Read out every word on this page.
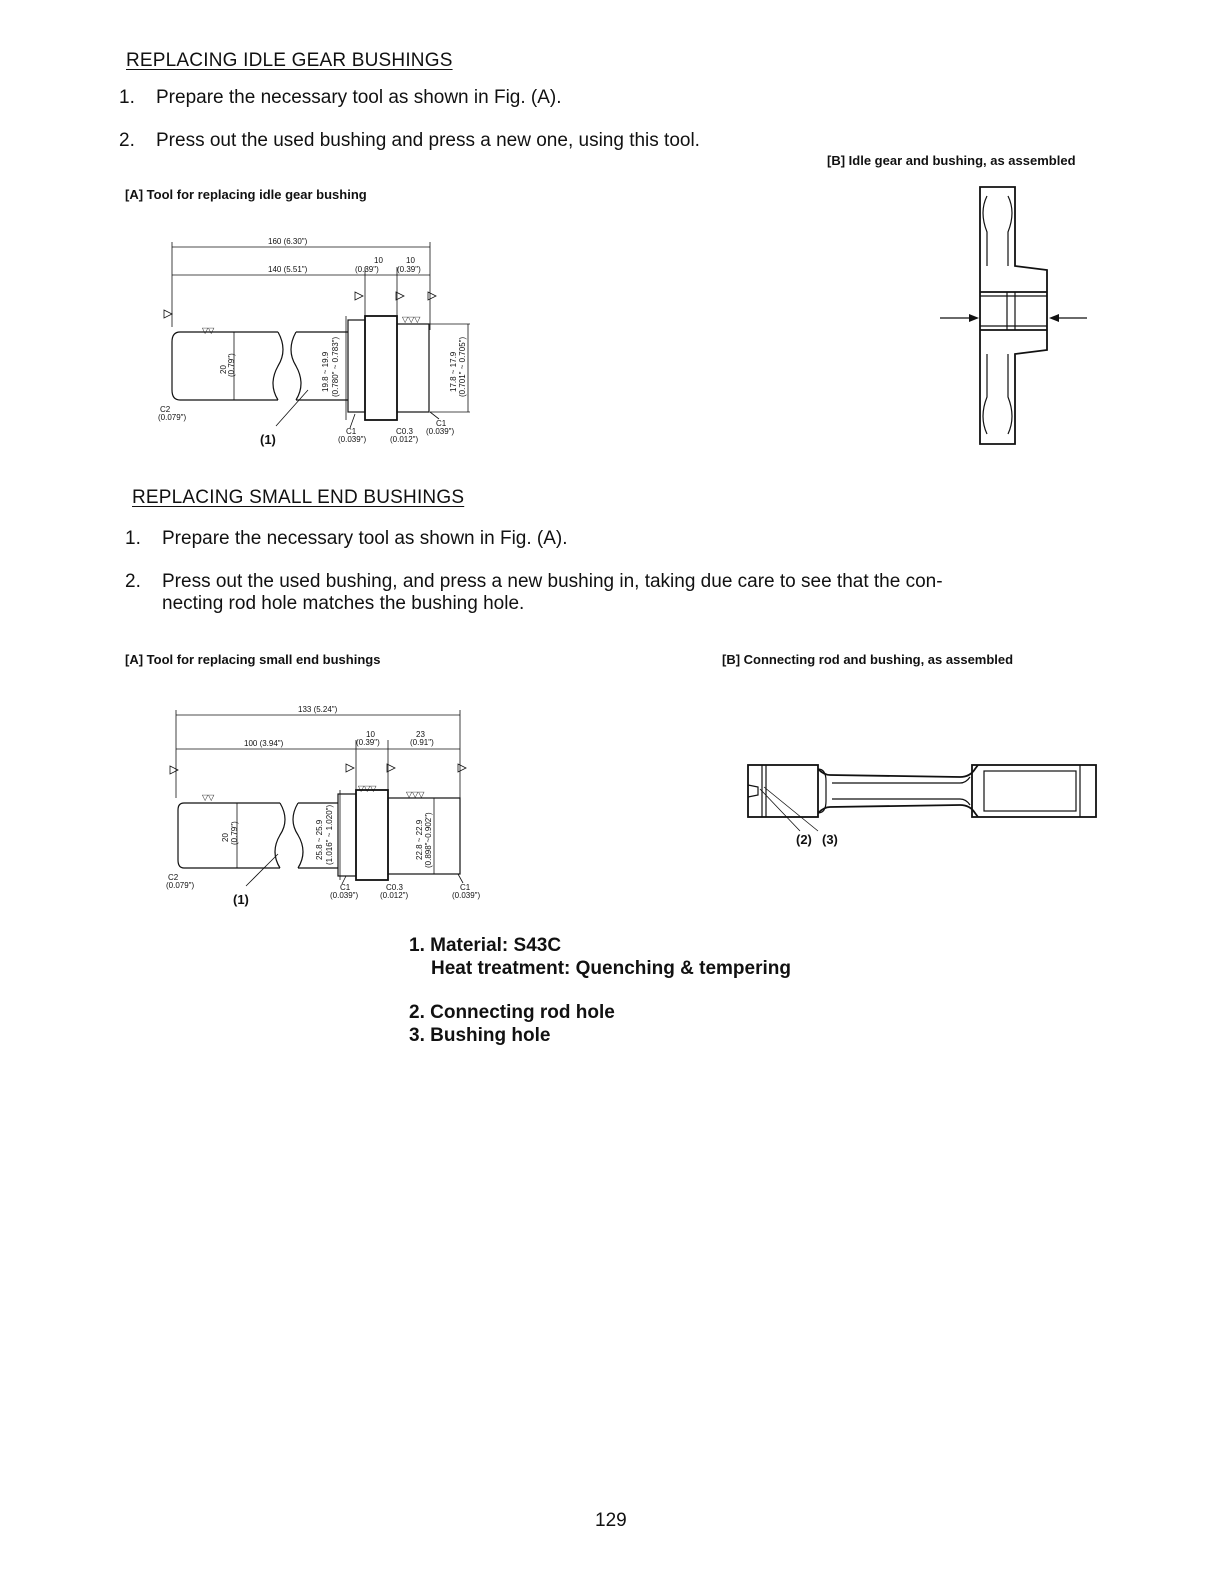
REPLACING IDLE GEAR BUSHINGS
1. Prepare the necessary tool as shown in Fig. (A).
2. Press out the used bushing and press a new one, using this tool.
[B] Idle gear and bushing, as assembled
[A] Tool for replacing idle gear bushing
160 (6.30")
140 (5.51")
10
(0.39")
10
(0.39")
▽▽
▽▽▽
20 (0.79")	19.8 ~ 19.9 (0.780" ~ 0.783")	17.8 ~ 17.9 (0.701" ~ 0.705")
C2
(0.079")
C1
(0.039")
C0.3
(0.012")
C1
(0.039")
(1)
REPLACING SMALL END BUSHINGS
1. Prepare the necessary tool as shown in Fig. (A).
2. Press out the used bushing, and press a new bushing in, taking due care to see that the con-
necting rod hole matches the bushing hole.
[A] Tool for replacing small end bushings	[B] Connecting rod and bushing, as assembled
133 (5.24")
100 (3.94")
10
(0.39")
23
(0.91")
▽▽
▽▽▽
▽▽▽
20 (0.79")	25.8 ~ 25.9 (1.016" ~ 1.020")	22.8 ~ 22.9 (0.898"~0.902")
C2
(0.079")	C1
(0.039")
C0.3
(0.012")
C1
(0.039")
(1)
(2) (3)
1. Material: S43C
Heat treatment: Quenching & tempering
2. Connecting rod hole
3. Bushing hole
129
